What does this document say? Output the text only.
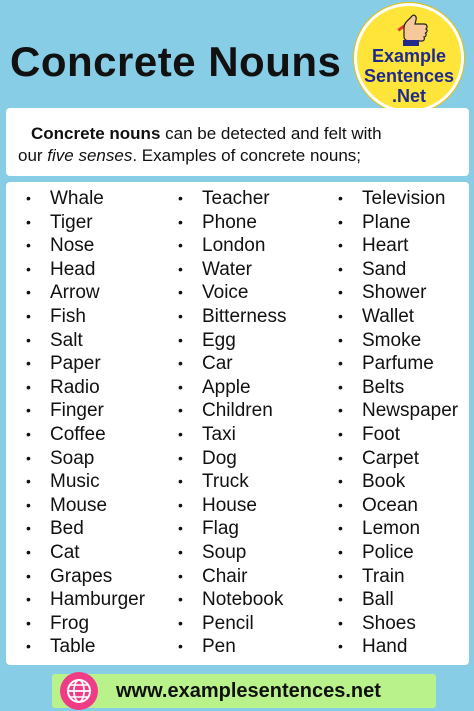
Concrete Nouns	Example
Sentences
.Net
Concrete nouns can be detected and felt with
our five senses. Examples of concrete nouns;
•	Whale
•	Tiger
•	Nose
•	Head
•	Arrow
•	Fish
•	Salt
•	Paper
•	Radio
•	Finger
•	Coffee
•	Soap
•	Music
•	Mouse
•	Bed
•	Cat
•	Grapes
•	Hamburger
•	Frog
•	Table
•	Teacher
•	Phone
•	London
•	Water
•	Voice
•	Bitterness
•	Egg
•	Car
•	Apple
•	Children
•	Taxi
•	Dog
•	Truck
•	House
•	Flag
•	Soup
•	Chair
•	Notebook
•	Pencil
•	Pen
•	Television
•	Plane
•	Heart
•	Sand
•	Shower
•	Wallet
•	Smoke
•	Parfume
•	Belts
•	Newspaper
•	Foot
•	Carpet
•	Book
•	Ocean
•	Lemon
•	Police
•	Train
•	Ball
•	Shoes
•	Hand
www.examplesentences.net
